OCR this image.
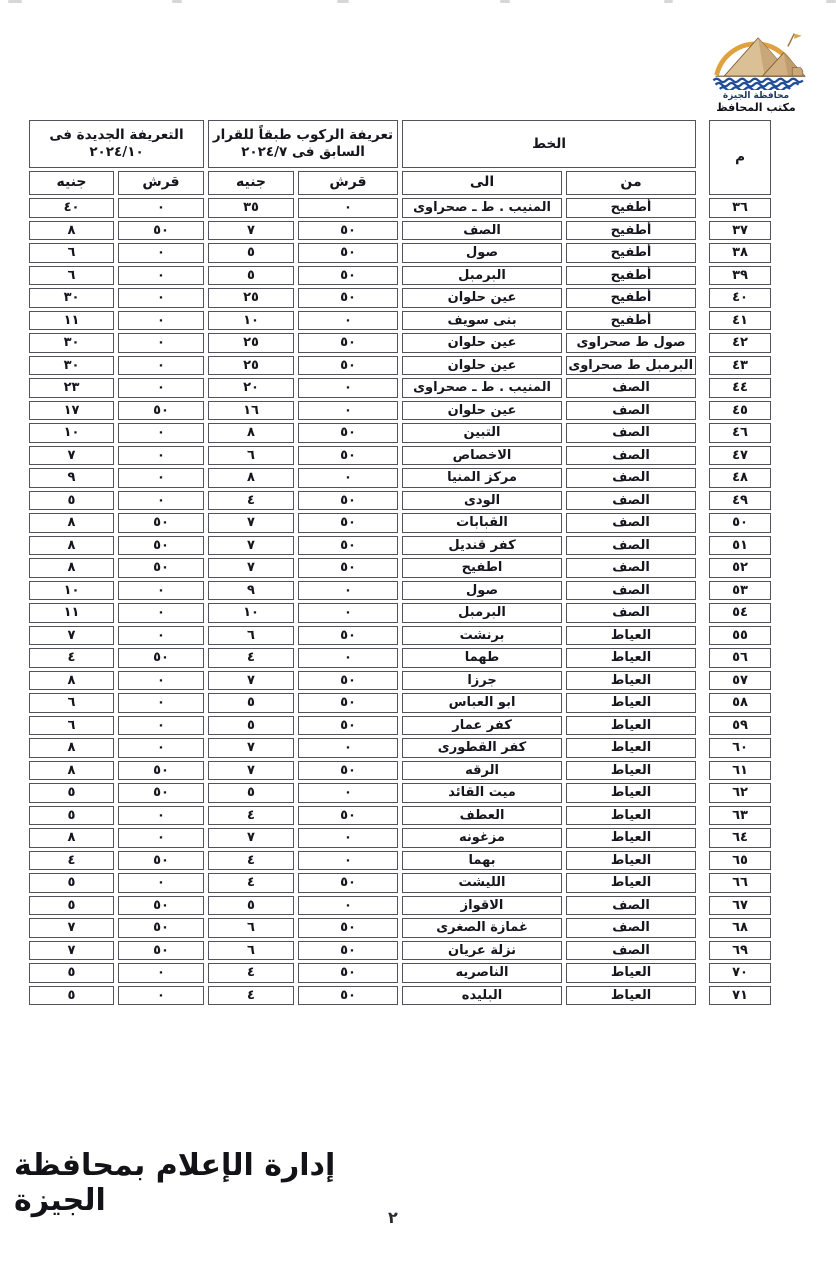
محافظة الجيزة
مكتب المحافظ
م		الخط		تعريفة الركوب طبقاً للقرار السابق فى ٢٠٢٤/٧		التعريفة الجديدة فى ٢٠٢٤/١٠	
		من	الى	قرش	جنيه	قرش	جنيه
٣٦		أطفيح	المنيب . ط ـ صحراوى	٠	٣٥	٠	٤٠
٣٧		أطفيح	الصف	٥٠	٧	٥٠	٨
٣٨		أطفيح	صول	٥٠	٥	٠	٦
٣٩		أطفيح	البرمبل	٥٠	٥	٠	٦
٤٠		أطفيح	عين حلوان	٥٠	٢٥	٠	٣٠
٤١		أطفيح	بنى سويف	٠	١٠	٠	١١
٤٢		صول ط صحراوى	عين حلوان	٥٠	٢٥	٠	٣٠
٤٣		البرمبل ط صحراوى	عين حلوان	٥٠	٢٥	٠	٣٠
٤٤		الصف	المنيب . ط ـ صحراوى	٠	٢٠	٠	٢٣
٤٥		الصف	عين حلوان	٠	١٦	٥٠	١٧
٤٦		الصف	التبين	٥٠	٨	٠	١٠
٤٧		الصف	الاخصاص	٥٠	٦	٠	٧
٤٨		الصف	مركز المنيا	٠	٨	٠	٩
٤٩		الصف	الودى	٥٠	٤	٠	٥
٥٠		الصف	القبابات	٥٠	٧	٥٠	٨
٥١		الصف	كفر قنديل	٥٠	٧	٥٠	٨
٥٢		الصف	اطفيح	٥٠	٧	٥٠	٨
٥٣		الصف	صول	٠	٩	٠	١٠
٥٤		الصف	البرمبل	٠	١٠	٠	١١
٥٥		العياط	برنشت	٥٠	٦	٠	٧
٥٦		العياط	طهما	٠	٤	٥٠	٤
٥٧		العياط	جرزا	٥٠	٧	٠	٨
٥٨		العياط	ابو العباس	٥٠	٥	٠	٦
٥٩		العياط	كفر عمار	٥٠	٥	٠	٦
٦٠		العياط	كفر القطورى	٠	٧	٠	٨
٦١		العياط	الرقه	٥٠	٧	٥٠	٨
٦٢		العياط	ميت القائد	٠	٥	٥٠	٥
٦٣		العياط	العطف	٥٠	٤	٠	٥
٦٤		العياط	مزغونه	٠	٧	٠	٨
٦٥		العياط	بهما	٠	٤	٥٠	٤
٦٦		العياط	الليشت	٥٠	٤	٠	٥
٦٧		الصف	الاقواز	٠	٥	٥٠	٥
٦٨		الصف	غمازة الصغرى	٥٠	٦	٥٠	٧
٦٩		الصف	نزلة عريان	٥٠	٦	٥٠	٧
٧٠		العياط	الناصريه	٥٠	٤	٠	٥
٧١		العياط	البليده	٥٠	٤	٠	٥
إدارة الإعلام بمحافظة الجيزة	٢
